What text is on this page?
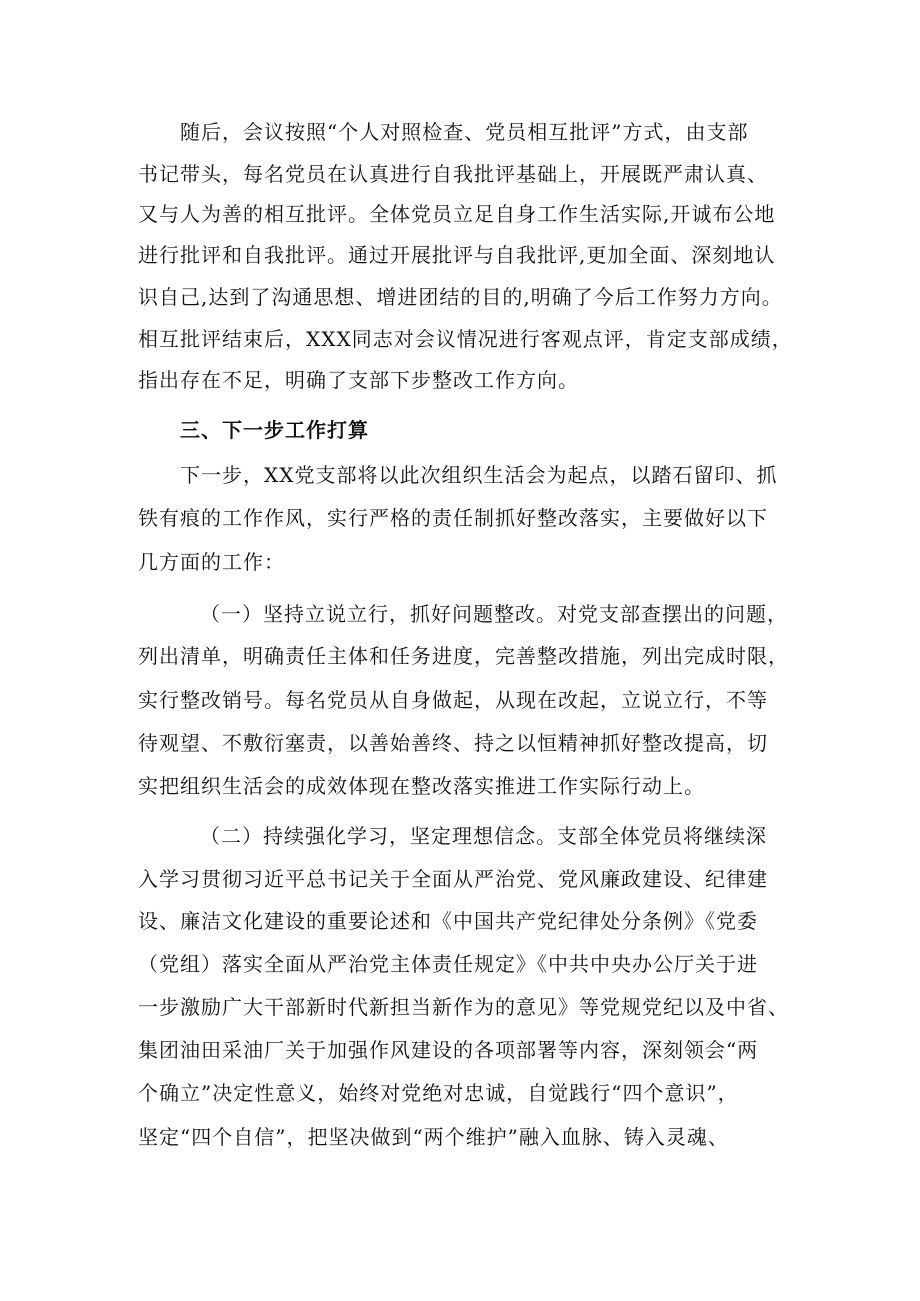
随后，会议按照“个人对照检查、党员相互批评”方式，由支部
书记带头，每名党员在认真进行自我批评基础上，开展既严肃认真、
又与人为善的相互批评。全体党员立足自身工作生活实际,开诚布公地
进行批评和自我批评。通过开展批评与自我批评,更加全面、深刻地认
识自己,达到了沟通思想、增进团结的目的,明确了今后工作努力方向。
相互批评结束后，XXX同志对会议情况进行客观点评，肯定支部成绩，
指出存在不足，明确了支部下步整改工作方向。
三、下一步工作打算
下一步，XX党支部将以此次组织生活会为起点，以踏石留印、抓
铁有痕的工作作风，实行严格的责任制抓好整改落实，主要做好以下
几方面的工作：
（一）坚持立说立行，抓好问题整改。对党支部查摆出的问题，
列出清单，明确责任主体和任务进度，完善整改措施，列出完成时限，
实行整改销号。每名党员从自身做起，从现在改起，立说立行，不等
待观望、不敷衍塞责，以善始善终、持之以恒精神抓好整改提高，切
实把组织生活会的成效体现在整改落实推进工作实际行动上。
（二）持续强化学习，坚定理想信念。支部全体党员将继续深
入学习贯彻习近平总书记关于全面从严治党、党风廉政建设、纪律建
设、廉洁文化建设的重要论述和《中国共产党纪律处分条例》《党委
（党组）落实全面从严治党主体责任规定》《中共中央办公厅关于进
一步激励广大干部新时代新担当新作为的意见》等党规党纪以及中省、
集团油田采油厂关于加强作风建设的各项部署等内容，深刻领会“两
个确立”决定性意义，始终对党绝对忠诚，自觉践行“四个意识”，
坚定“四个自信”，把坚决做到“两个维护”融入血脉、铸入灵魂、
